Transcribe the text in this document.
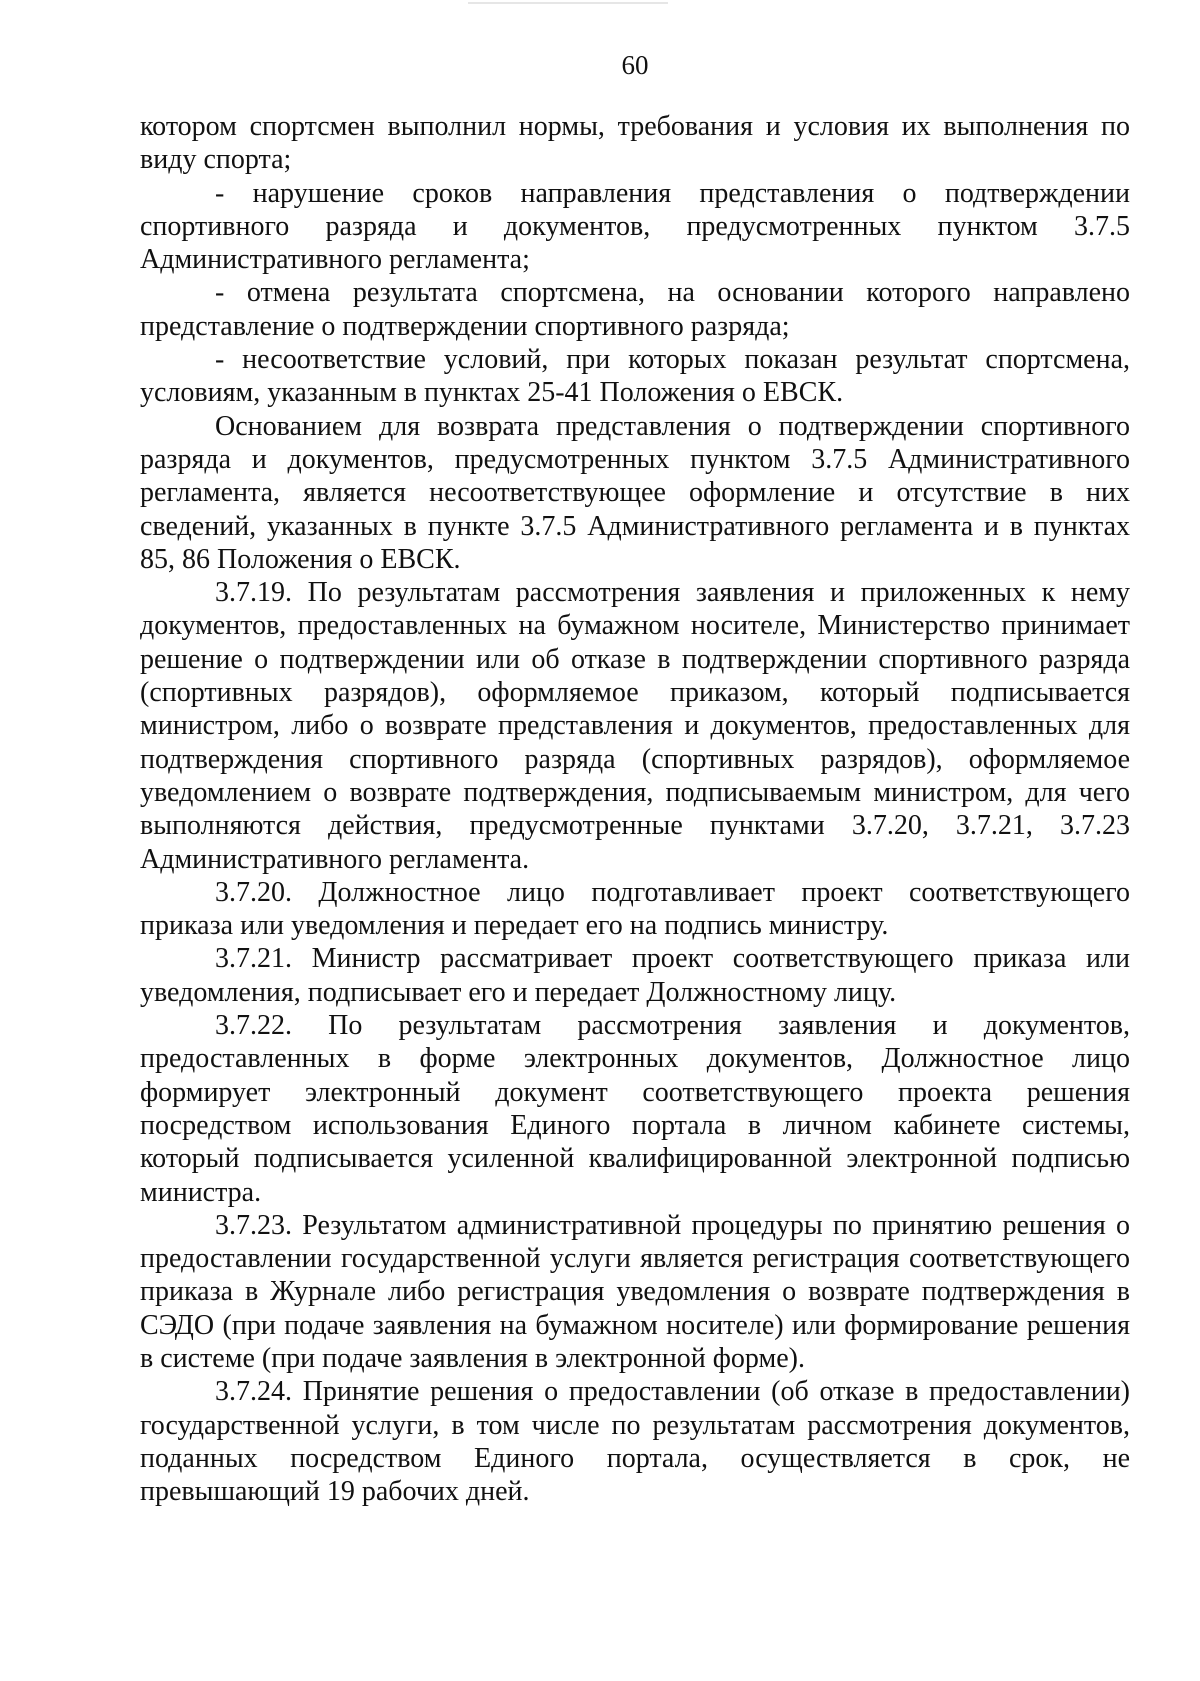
60

котором спортсмен выполнил нормы, требования и условия их выполнения по виду спорта;

- нарушение сроков направления представления о подтверждении спортивного разряда и документов, предусмотренных пунктом 3.7.5 Административного регламента;

- отмена результата спортсмена, на основании которого направлено представление о подтверждении спортивного разряда;

- несоответствие условий, при которых показан результат спортсмена, условиям, указанным в пунктах 25-41 Положения о ЕВСК.

Основанием для возврата представления о подтверждении спортивного разряда и документов, предусмотренных пунктом 3.7.5 Административного регламента, является несоответствующее оформление и отсутствие в них сведений, указанных в пункте 3.7.5 Административного регламента и в пунктах 85, 86 Положения о ЕВСК.

3.7.19. По результатам рассмотрения заявления и приложенных к нему документов, предоставленных на бумажном носителе, Министерство принимает решение о подтверждении или об отказе в подтверждении спортивного разряда (спортивных разрядов), оформляемое приказом, который подписывается министром, либо о возврате представления и документов, предоставленных для подтверждения спортивного разряда (спортивных разрядов), оформляемое уведомлением о возврате подтверждения, подписываемым министром, для чего выполняются действия, предусмотренные пунктами 3.7.20, 3.7.21, 3.7.23 Административного регламента.

3.7.20. Должностное лицо подготавливает проект соответствующего приказа или уведомления и передает его на подпись министру.

3.7.21. Министр рассматривает проект соответствующего приказа или уведомления, подписывает его и передает Должностному лицу.

3.7.22. По результатам рассмотрения заявления и документов, предоставленных в форме электронных документов, Должностное лицо формирует электронный документ соответствующего проекта решения посредством использования Единого портала в личном кабинете системы, который подписывается усиленной квалифицированной электронной подписью министра.

3.7.23. Результатом административной процедуры по принятию решения о предоставлении государственной услуги является регистрация соответствующего приказа в Журнале либо регистрация уведомления о возврате подтверждения в СЭДО (при подаче заявления на бумажном носителе) или формирование решения в системе (при подаче заявления в электронной форме).

3.7.24. Принятие решения о предоставлении (об отказе в предоставлении) государственной услуги, в том числе по результатам рассмотрения документов, поданных посредством Единого портала, осуществляется в срок, не превышающий 19 рабочих дней.
